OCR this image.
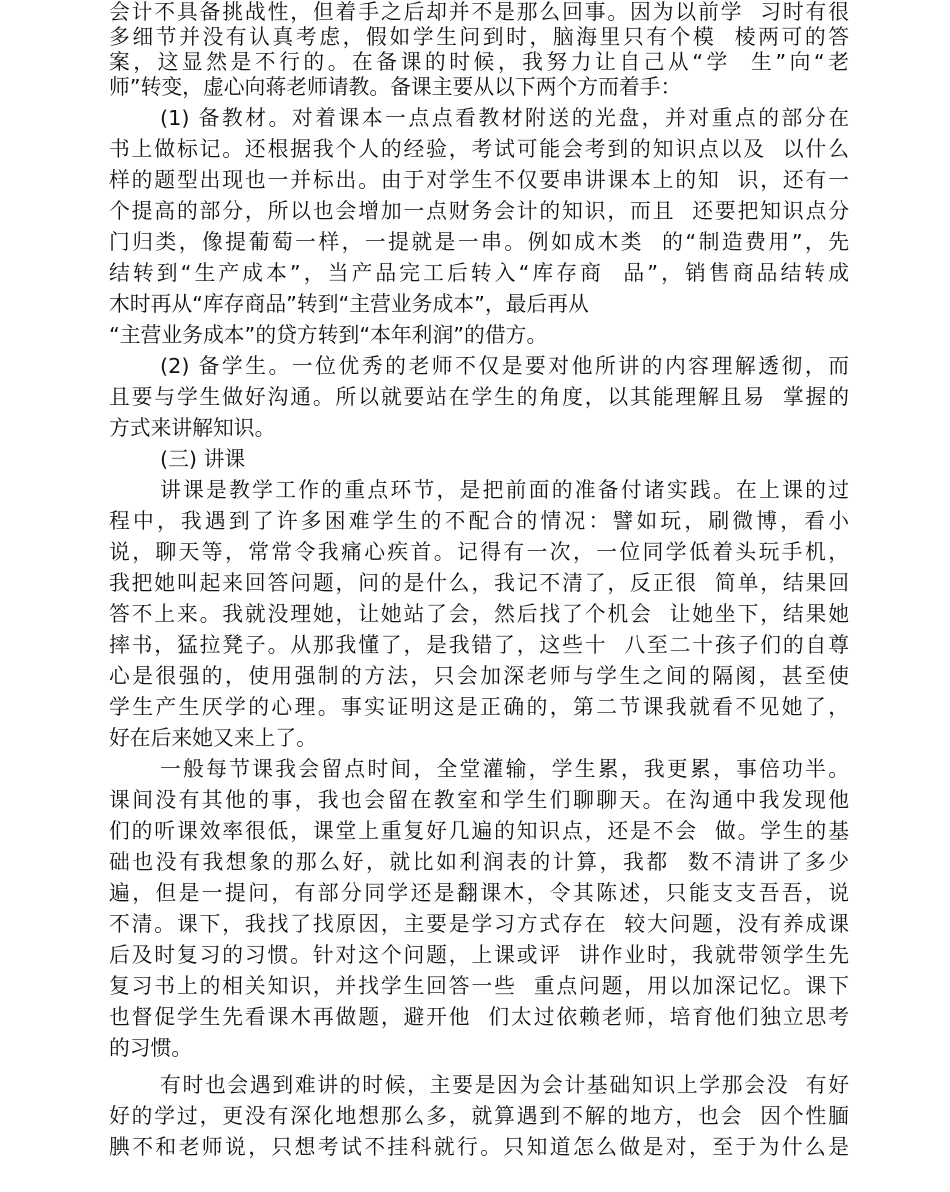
会计不具备挑战性，但着手之后却并不是那么回事。因为以前学  习时有很
多细节并没有认真考虑，假如学生问到时，脑海里只有个模  棱两可的答
案，这显然是不行的。在备课的时候，我努力让自己从“学  生”向“老
师”转变，虚心向蒋老师请教。备课主要从以下两个方而着手：
(1) 备教材。对着课本一点点看教材附送的光盘，并对重点的部分在
书上做标记。还根据我个人的经验，考试可能会考到的知识点以及  以什么
样的题型出现也一并标出。由于对学生不仅要串讲课本上的知  识，还有一
个提高的部分，所以也会增加一点财务会计的知识，而且  还要把知识点分
门归类，像提葡萄一样，一提就是一串。例如成木类  的“制造费用”，先
结转到“生产成本”，当产品完工后转入“库存商  品”，销售商品结转成
木时再从“库存商品”转到“主营业务成本”，最后再从
“主营业务成本”的贷方转到“本年利润”的借方。
(2) 备学生。一位优秀的老师不仅是要对他所讲的内容理解透彻，而
且要与学生做好沟通。所以就要站在学生的角度，以其能理解且易  掌握的
方式来讲解知识。
(三) 讲课
讲课是教学工作的重点环节，是把前面的准备付诸实践。在上课的过
程中，我遇到了许多困难学生的不配合的情况：譬如玩，刷微博，看小
说，聊天等，常常令我痛心疾首。记得有一次，一位同学低着头玩手机，
我把她叫起来回答问题，问的是什么，我记不清了，反正很  简单，结果回
答不上来。我就没理她，让她站了会，然后找了个机会  让她坐下，结果她
摔书，猛拉凳子。从那我懂了，是我错了，这些十  八至二十孩子们的自尊
心是很强的，使用强制的方法，只会加深老师与学生之间的隔阂，甚至使
学生产生厌学的心理。事实证明这是正确的，第二节课我就看不见她了，
好在后来她又来上了。
一般每节课我会留点时间，全堂灌输，学生累，我更累，事倍功半。
课间没有其他的事，我也会留在教室和学生们聊聊天。在沟通中我发现他
们的听课效率很低，课堂上重复好几遍的知识点，还是不会  做。学生的基
础也没有我想象的那么好，就比如利润表的计算，我都  数不清讲了多少
遍，但是一提问，有部分同学还是翻课木，令其陈述，只能支支吾吾，说
不清。课下，我找了找原因，主要是学习方式存在  较大问题，没有养成课
后及时复习的习惯。针对这个问题，上课或评  讲作业时，我就带领学生先
复习书上的相关知识，并找学生回答一些  重点问题，用以加深记忆。课下
也督促学生先看课木再做题，避开他  们太过依赖老师，培育他们独立思考
的习惯。
有时也会遇到难讲的时候，主要是因为会计基础知识上学那会没  有好
好的学过，更没有深化地想那么多，就算遇到不解的地方，也会  因个性腼
腆不和老师说，只想考试不挂科就行。只知道怎么做是对，至于为什么是
